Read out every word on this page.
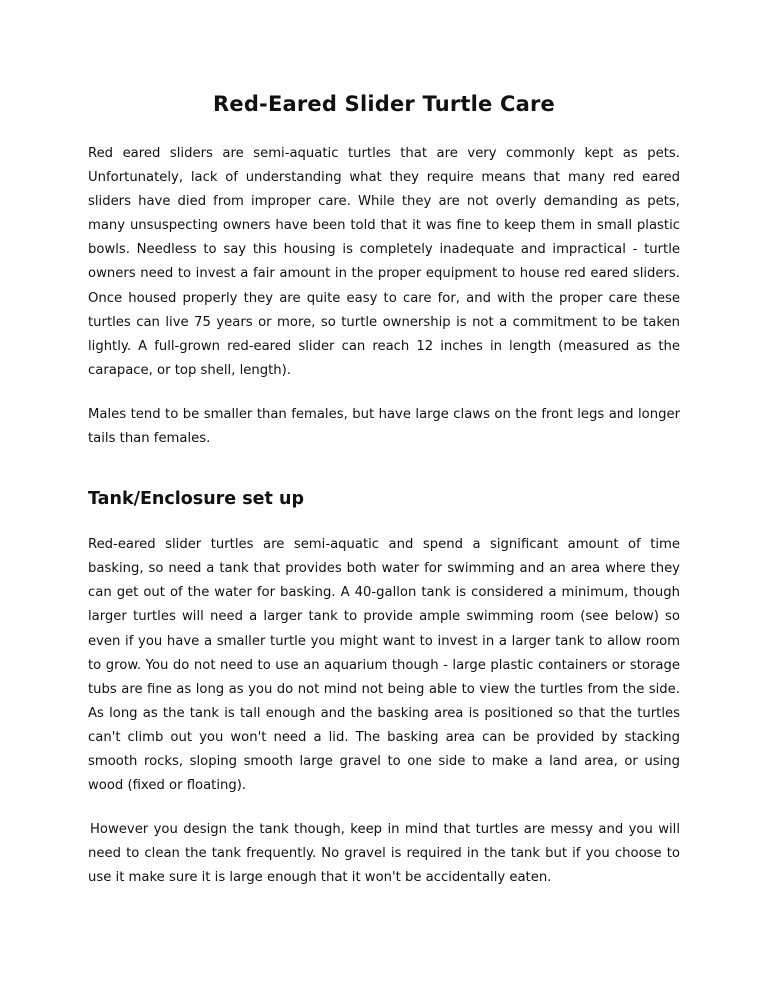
Red-Eared Slider Turtle Care

Red eared sliders are semi-aquatic turtles that are very commonly kept as pets. Unfortunately, lack of understanding what they require means that many red eared sliders have died from improper care. While they are not overly demanding as pets, many unsuspecting owners have been told that it was fine to keep them in small plastic bowls. Needless to say this housing is completely inadequate and impractical - turtle owners need to invest a fair amount in the proper equipment to house red eared sliders. Once housed properly they are quite easy to care for, and with the proper care these turtles can live 75 years or more, so turtle ownership is not a commitment to be taken lightly. A full-grown red-eared slider can reach 12 inches in length (measured as the carapace, or top shell, length).

Males tend to be smaller than females, but have large claws on the front legs and longer tails than females.

Tank/Enclosure set up

Red-eared slider turtles are semi-aquatic and spend a significant amount of time basking, so need a tank that provides both water for swimming and an area where they can get out of the water for basking. A 40-gallon tank is considered a minimum, though larger turtles will need a larger tank to provide ample swimming room (see below) so even if you have a smaller turtle you might want to invest in a larger tank to allow room to grow. You do not need to use an aquarium though - large plastic containers or storage tubs are fine as long as you do not mind not being able to view the turtles from the side. As long as the tank is tall enough and the basking area is positioned so that the turtles can't climb out you won't need a lid. The basking area can be provided by stacking smooth rocks, sloping smooth large gravel to one side to make a land area, or using wood (fixed or floating).

However you design the tank though, keep in mind that turtles are messy and you will need to clean the tank frequently. No gravel is required in the tank but if you choose to use it make sure it is large enough that it won't be accidentally eaten.
